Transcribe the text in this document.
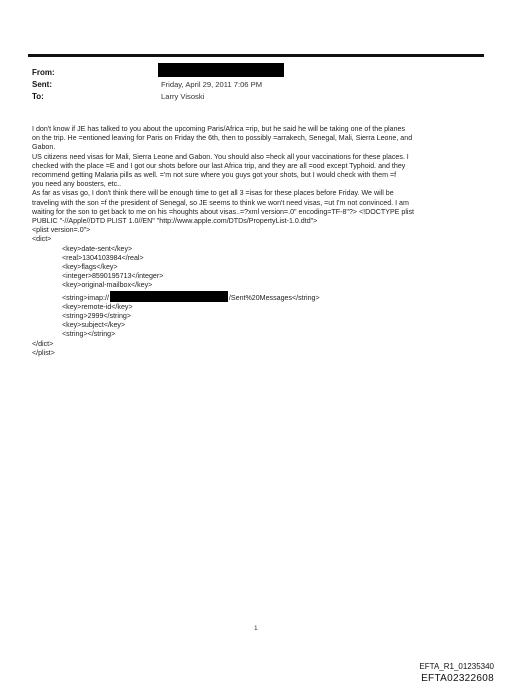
From:
Sent:	Friday, April 29, 2011 7:06 PM
To:	Larry Visoski

I don't know if JE has talked to you about the upcoming Paris/Africa =rip, but he said he will be taking one of the planes

on the trip. He =entioned leaving for Paris on Friday the 6th, then to possibly =arrakech, Senegal, Mali, Sierra Leone, and

Gabon.

US citizens need visas for Mali, Sierra Leone and Gabon. You should also =heck all your vaccinations for these places. I

checked with the place =E and I got our shots before our last Africa trip, and they are all =ood except Typhoid. and they

recommend getting Malaria pills as well. ='m not sure where you guys got your shots, but I would check with them =f

you need any boosters, etc..

As far as visas go, I don't think there will be enough time to get all 3 =isas for these places before Friday. We will be

traveling with the son =f the president of Senegal, so JE seems to think we won't need visas, =ut I'm not convinced. I am

waiting for the son to get back to me on his =houghts about visas..=?xml version=.0" encoding=TF-8"?> <!DOCTYPE plist

PUBLIC "-//Apple//DTD PLIST 1.0//EN" "http://www.apple.com/DTDs/PropertyList-1.0.dtd">

<plist version=.0">

<dict>

<key>date-sent</key>

<real>1304103984</real>

<key>flags</key>

<integer>8590195713</integer>

<key>original-mailbox</key>

<string>imap://	/Sent%20Messages</string>

<key>remote-id</key>

<string>2999</string>

<key>subject</key>

<string></string>

</dict>

</plist>

1
EFTA_R1_01235340
EFTA02322608
